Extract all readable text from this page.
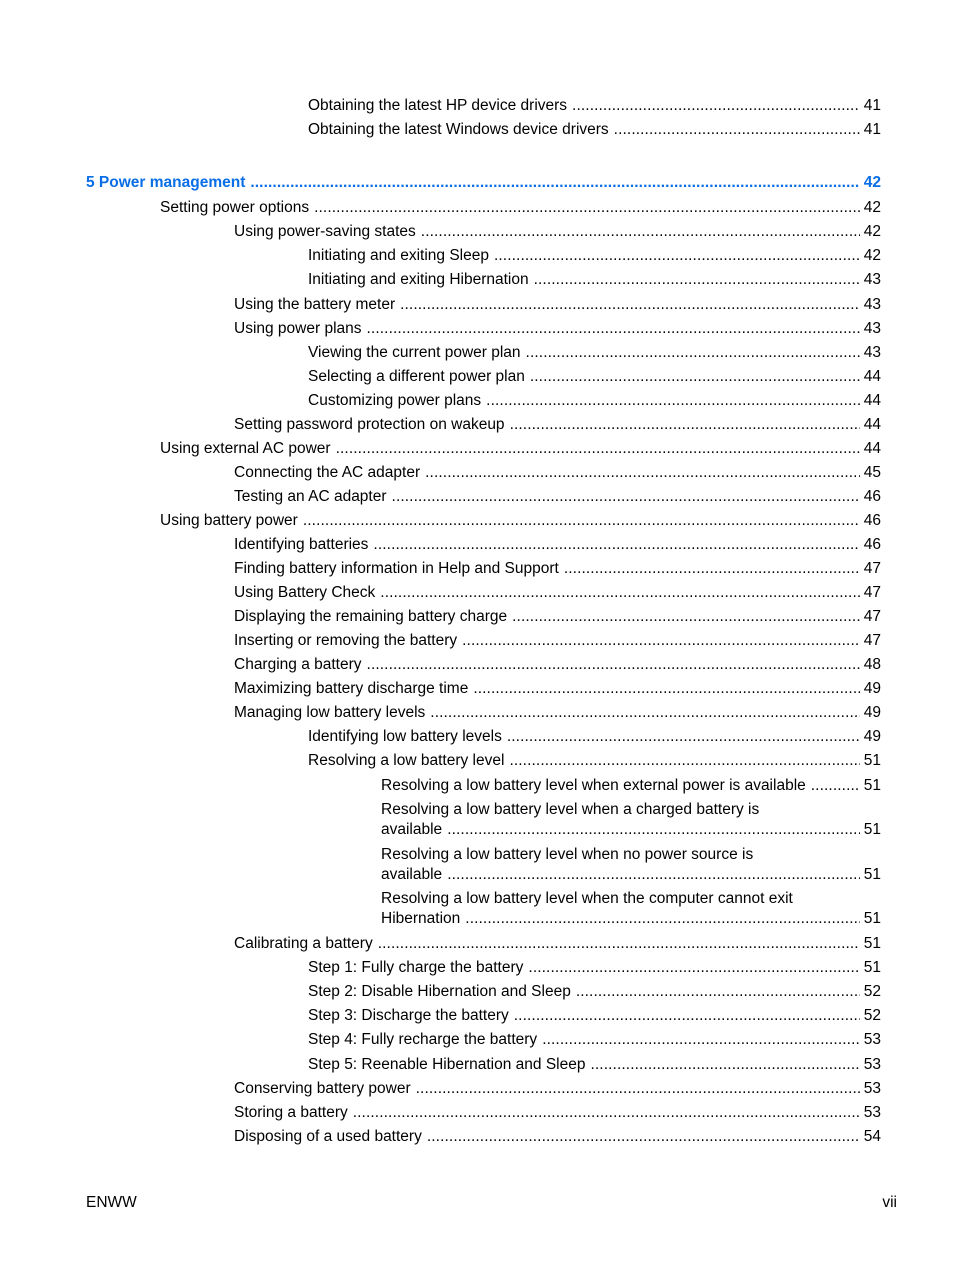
Obtaining the latest HP device drivers . . .	41
Obtaining the latest Windows device drivers . . .	41
5 Power management . . .	42
Setting power options . . .	42
Using power-saving states . . .	42
Initiating and exiting Sleep . . .	42
Initiating and exiting Hibernation . . .	43
Using the battery meter . . .	43
Using power plans . . .	43
Viewing the current power plan . . .	43
Selecting a different power plan . . .	44
Customizing power plans . . .	44
Setting password protection on wakeup . . .	44
Using external AC power . . .	44
Connecting the AC adapter . . .	45
Testing an AC adapter . . .	46
Using battery power . . .	46
Identifying batteries . . .	46
Finding battery information in Help and Support . . .	47
Using Battery Check . . .	47
Displaying the remaining battery charge . . .	47
Inserting or removing the battery . . .	47
Charging a battery . . .	48
Maximizing battery discharge time . . .	49
Managing low battery levels . . .	49
Identifying low battery levels . . .	49
Resolving a low battery level . . .	51
Resolving a low battery level when external power is available . . .	51
Resolving a low battery level when a charged battery is
available . . .	51
Resolving a low battery level when no power source is
available . . .	51
Resolving a low battery level when the computer cannot exit
Hibernation . . .	51
Calibrating a battery . . .	51
Step 1: Fully charge the battery . . .	51
Step 2: Disable Hibernation and Sleep . . .	52
Step 3: Discharge the battery . . .	52
Step 4: Fully recharge the battery . . .	53
Step 5: Reenable Hibernation and Sleep . . .	53
Conserving battery power . . .	53
Storing a battery . . .	53
Disposing of a used battery . . .	54
ENWW	vii
